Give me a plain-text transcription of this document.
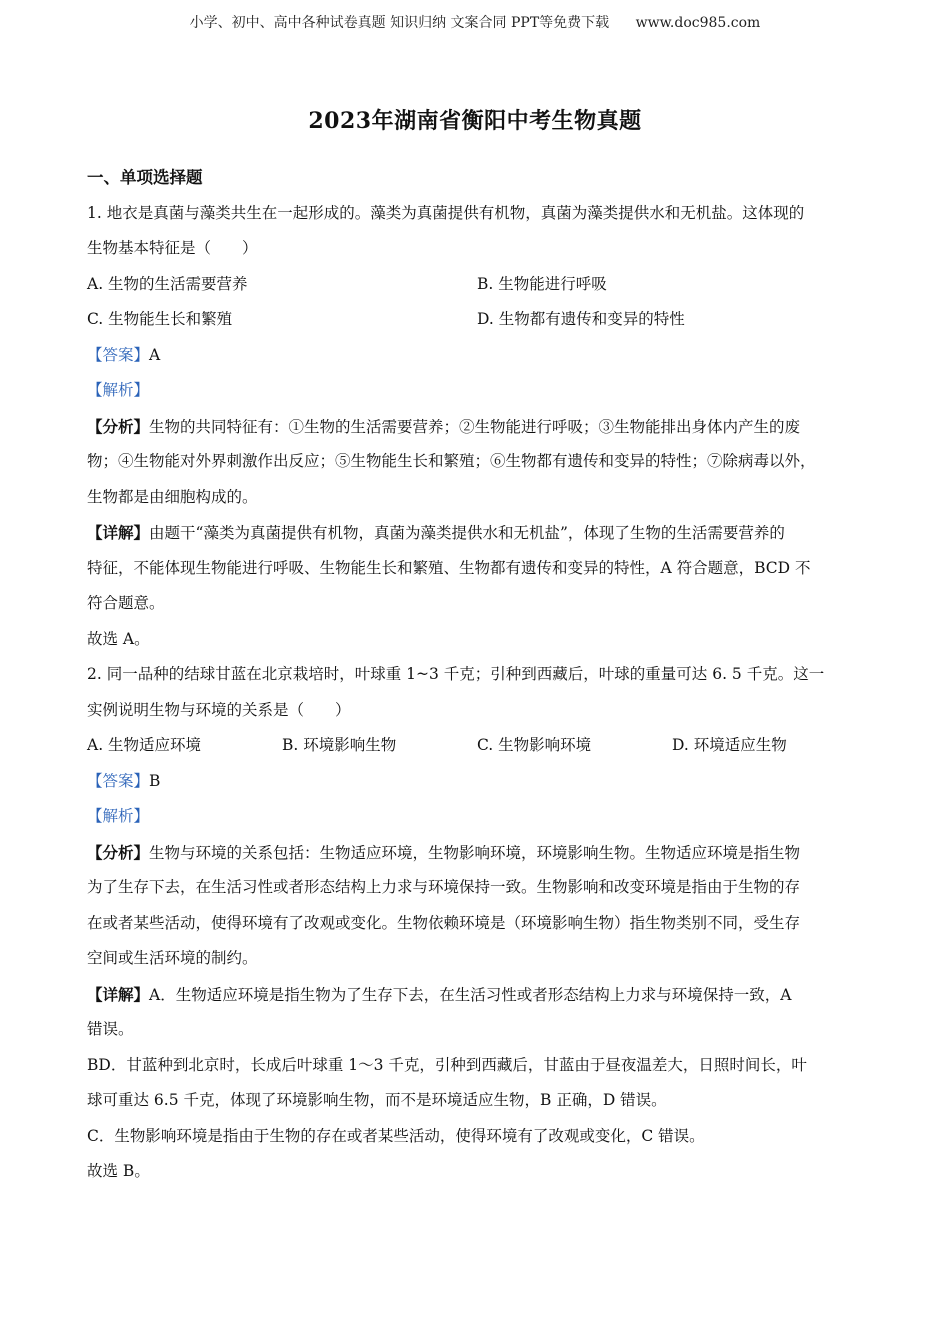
小学、初中、高中各种试卷真题 知识归纳 文案合同 PPT等免费下载 www.doc985.com
2023年湖南省衡阳中考生物真题
一、单项选择题
1. 地衣是真菌与藻类共生在一起形成的。藻类为真菌提供有机物，真菌为藻类提供水和无机盐。这体现的
生物基本特征是（　　）
A. 生物的生活需要营养	B. 生物能进行呼吸
C. 生物能生长和繁殖	D. 生物都有遗传和变异的特性
【答案】A
【解析】
【分析】生物的共同特征有：①生物的生活需要营养；②生物能进行呼吸；③生物能排出身体内产生的废
物；④生物能对外界刺激作出反应；⑤生物能生长和繁殖；⑥生物都有遗传和变异的特性；⑦除病毒以外，
生物都是由细胞构成的。
【详解】由题干“藻类为真菌提供有机物，真菌为藻类提供水和无机盐”，体现了生物的生活需要营养的
特征，不能体现生物能进行呼吸、生物能生长和繁殖、生物都有遗传和变异的特性，A 符合题意，BCD 不
符合题意。
故选 A。
2. 同一品种的结球甘蓝在北京栽培时，叶球重 1~3 千克；引种到西藏后，叶球的重量可达 6. 5 千克。这一
实例说明生物与环境的关系是（　　）
A. 生物适应环境	B. 环境影响生物	C. 生物影响环境	D. 环境适应生物
【答案】B
【解析】
【分析】生物与环境的关系包括：生物适应环境，生物影响环境，环境影响生物。生物适应环境是指生物
为了生存下去，在生活习性或者形态结构上力求与环境保持一致。生物影响和改变环境是指由于生物的存
在或者某些活动，使得环境有了改观或变化。生物依赖环境是（环境影响生物）指生物类别不同，受生存
空间或生活环境的制约。
【详解】A．生物适应环境是指生物为了生存下去，在生活习性或者形态结构上力求与环境保持一致，A
错误。
BD．甘蓝种到北京时，长成后叶球重 1～3 千克，引种到西藏后，甘蓝由于昼夜温差大，日照时间长，叶
球可重达 6.5 千克，体现了环境影响生物，而不是环境适应生物，B 正确，D 错误。
C．生物影响环境是指由于生物的存在或者某些活动，使得环境有了改观或变化，C 错误。
故选 B。
